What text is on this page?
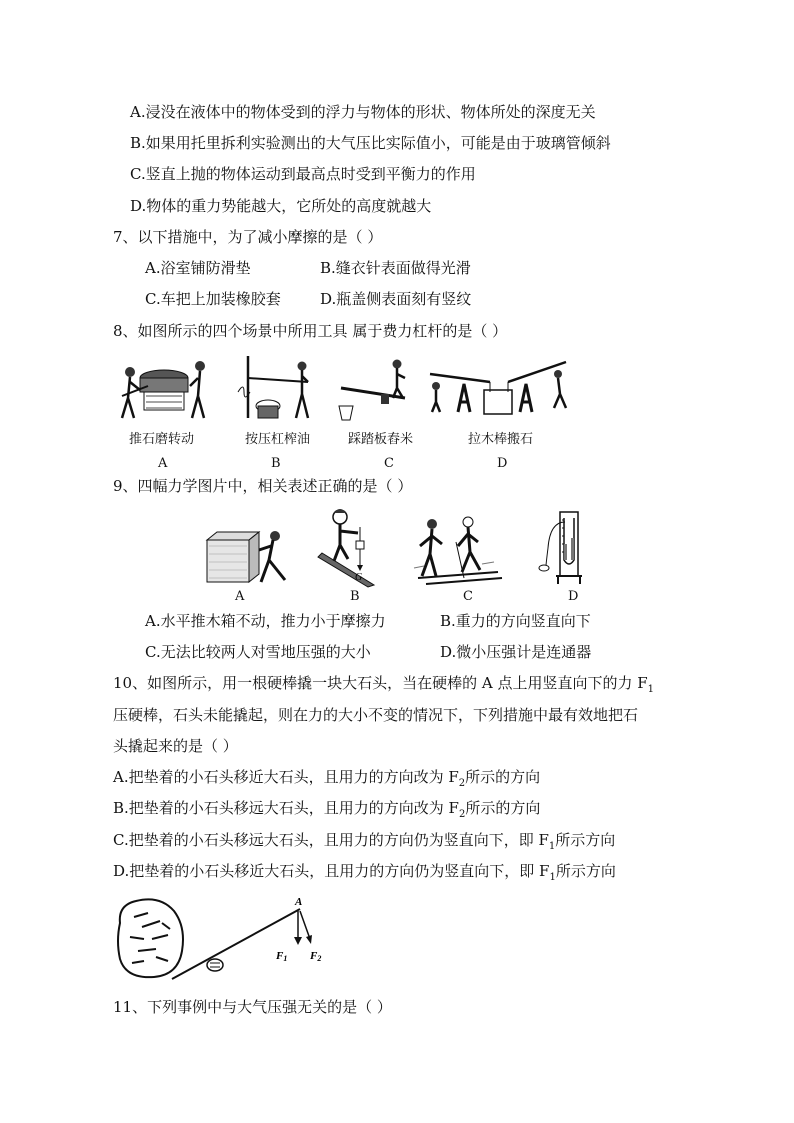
A.浸没在液体中的物体受到的浮力与物体的形状、物体所处的深度无关
B.如果用托里拆利实验测出的大气压比实际值小，可能是由于玻璃管倾斜
C.竖直上抛的物体运动到最高点时受到平衡力的作用
D.物体的重力势能越大，它所处的高度就越大
7、以下措施中，为了减小摩擦的是（ ）
A.浴室铺防滑垫	B.缝衣针表面做得光滑
C.车把上加装橡胶套	D.瓶盖侧表面刻有竖纹
8、如图所示的四个场景中所用工具 属于费力杠杆的是（ ）
推石磨转动	按压杠榨油	踩踏板舂米	拉木棒搬石
A	B	C	D
9、四幅力学图片中，相关表述正确的是（ ）
G
A	B	C	D
A.水平推木箱不动，推力小于摩擦力	B.重力的方向竖直向下
C.无法比较两人对雪地压强的大小	D.微小压强计是连通器
10、如图所示，用一根硬棒撬一块大石头，当在硬棒的 A 点上用竖直向下的力 $F_1$
压硬棒，石头未能撬起，则在力的大小不变的情况下，下列措施中最有效地把石
头撬起来的是（ ）
A.把垫着的小石头移近大石头，且用力的方向改为 $F_2$所示的方向
B.把垫着的小石头移远大石头，且用力的方向改为 $F_2$所示的方向
C.把垫着的小石头移远大石头，且用力的方向仍为竖直向下，即 $F_1$所示方向
D.把垫着的小石头移近大石头，且用力的方向仍为竖直向下，即 $F_1$所示方向
A
F1 F2
11、下列事例中与大气压强无关的是（ ）
